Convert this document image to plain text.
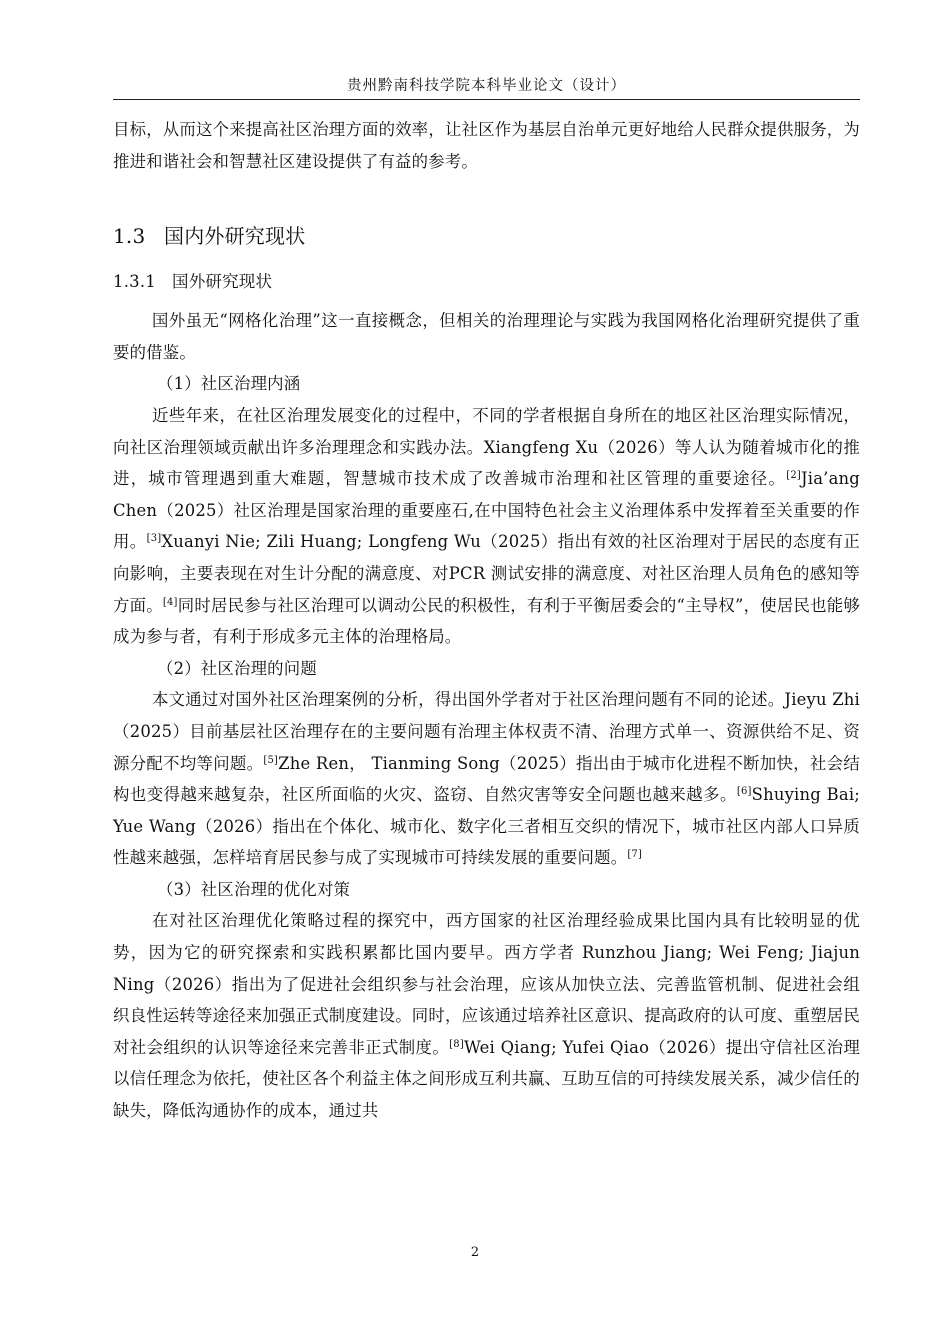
贵州黔南科技学院本科毕业论文（设计）

目标，从而这个来提高社区治理方面的效率，让社区作为基层自治单元更好地给人民群众提供服务，为推进和谐社会和智慧社区建设提供了有益的参考。

1.3 国内外研究现状
1.3.1 国外研究现状

国外虽无“网格化治理”这一直接概念，但相关的治理理论与实践为我国网格化治理研究提供了重要的借鉴。

（1）社区治理内涵

近些年来，在社区治理发展变化的过程中，不同的学者根据自身所在的地区社区治理实际情况，向社区治理领域贡献出许多治理理念和实践办法。Xiangfeng Xu（2026）等人认为随着城市化的推进，城市管理遇到重大难题，智慧城市技术成了改善城市治理和社区管理的重要途径。[2]Jia’ang Chen（2025）社区治理是国家治理的重要座石,在中国特色社会主义治理体系中发挥着至关重要的作用。[3]Xuanyi Nie; Zili Huang; Longfeng Wu（2025）指出有效的社区治理对于居民的态度有正向影响，主要表现在对生计分配的满意度、对PCR 测试安排的满意度、对社区治理人员角色的感知等方面。[4]同时居民参与社区治理可以调动公民的积极性，有利于平衡居委会的“主导权”，使居民也能够成为参与者，有利于形成多元主体的治理格局。

（2）社区治理的问题

本文通过对国外社区治理案例的分析，得出国外学者对于社区治理问题有不同的论述。Jieyu Zhi（2025）目前基层社区治理存在的主要问题有治理主体权责不清、治理方式单一、资源供给不足、资源分配不均等问题。[5]Zhe Ren， Tianming Song（2025）指出由于城市化进程不断加快，社会结构也变得越来越复杂，社区所面临的火灾、盗窃、自然灾害等安全问题也越来越多。[6]Shuying Bai; Yue Wang（2026）指出在个体化、城市化、数字化三者相互交织的情况下，城市社区内部人口异质性越来越强，怎样培育居民参与成了实现城市可持续发展的重要问题。[7]

（3）社区治理的优化对策

在对社区治理优化策略过程的探究中，西方国家的社区治理经验成果比国内具有比较明显的优势，因为它的研究探索和实践积累都比国内要早。西方学者 Runzhou Jiang; Wei Feng; Jiajun Ning（2026）指出为了促进社会组织参与社会治理，应该从加快立法、完善监管机制、促进社会组织良性运转等途径来加强正式制度建设。同时，应该通过培养社区意识、提高政府的认可度、重塑居民对社会组织的认识等途径来完善非正式制度。[8]Wei Qiang; Yufei Qiao（2026）提出守信社区治理以信任理念为依托，使社区各个利益主体之间形成互利共赢、互助互信的可持续发展关系，减少信任的缺失，降低沟通协作的成本，通过共

2
